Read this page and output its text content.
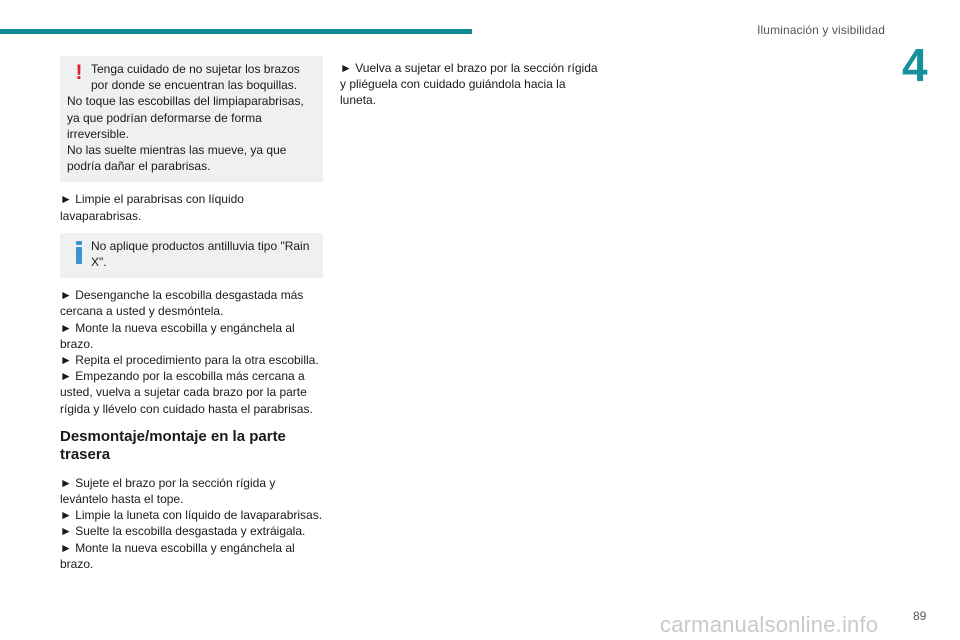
Iluminación y visibilidad
4
! Tenga cuidado de no sujetar los brazos por donde se encuentran las boquillas.

No toque las escobillas del limpiaparabrisas, ya que podrían deformarse de forma irreversible.

No las suelte mientras las mueve, ya que podría dañar el parabrisas.

► Limpie el parabrisas con líquido lavaparabrisas.

No aplique productos antilluvia tipo "Rain X".

► Desenganche la escobilla desgastada más cercana a usted y desmóntela.

► Monte la nueva escobilla y engánchela al brazo.

► Repita el procedimiento para la otra escobilla.

► Empezando por la escobilla más cercana a usted, vuelva a sujetar cada brazo por la parte rígida y llévelo con cuidado hasta el parabrisas.

Desmontaje/montaje en la parte trasera

► Sujete el brazo por la sección rígida y levántelo hasta el tope.

► Limpie la luneta con líquido de lavaparabrisas.

► Suelte la escobilla desgastada y extráigala.

► Monte la nueva escobilla y engánchela al brazo.

► Vuelva a sujetar el brazo por la sección rígida y pliéguela con cuidado guiándola hacia la luneta.

carmanualsonline.info	89
